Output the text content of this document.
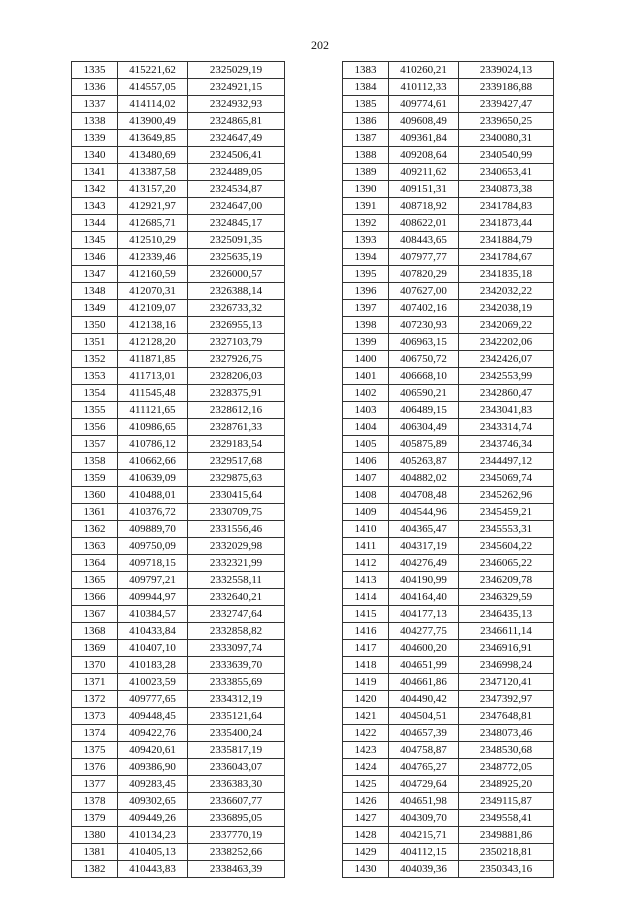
202
1335	415221,62	2325029,19
1336	414557,05	2324921,15
1337	414114,02	2324932,93
1338	413900,49	2324865,81
1339	413649,85	2324647,49
1340	413480,69	2324506,41
1341	413387,58	2324489,05
1342	413157,20	2324534,87
1343	412921,97	2324647,00
1344	412685,71	2324845,17
1345	412510,29	2325091,35
1346	412339,46	2325635,19
1347	412160,59	2326000,57
1348	412070,31	2326388,14
1349	412109,07	2326733,32
1350	412138,16	2326955,13
1351	412128,20	2327103,79
1352	411871,85	2327926,75
1353	411713,01	2328206,03
1354	411545,48	2328375,91
1355	411121,65	2328612,16
1356	410986,65	2328761,33
1357	410786,12	2329183,54
1358	410662,66	2329517,68
1359	410639,09	2329875,63
1360	410488,01	2330415,64
1361	410376,72	2330709,75
1362	409889,70	2331556,46
1363	409750,09	2332029,98
1364	409718,15	2332321,99
1365	409797,21	2332558,11
1366	409944,97	2332640,21
1367	410384,57	2332747,64
1368	410433,84	2332858,82
1369	410407,10	2333097,74
1370	410183,28	2333639,70
1371	410023,59	2333855,69
1372	409777,65	2334312,19
1373	409448,45	2335121,64
1374	409422,76	2335400,24
1375	409420,61	2335817,19
1376	409386,90	2336043,07
1377	409283,45	2336383,30
1378	409302,65	2336607,77
1379	409449,26	2336895,05
1380	410134,23	2337770,19
1381	410405,13	2338252,66
1382	410443,83	2338463,39
1383	410260,21	2339024,13
1384	410112,33	2339186,88
1385	409774,61	2339427,47
1386	409608,49	2339650,25
1387	409361,84	2340080,31
1388	409208,64	2340540,99
1389	409211,62	2340653,41
1390	409151,31	2340873,38
1391	408718,92	2341784,83
1392	408622,01	2341873,44
1393	408443,65	2341884,79
1394	407977,77	2341784,67
1395	407820,29	2341835,18
1396	407627,00	2342032,22
1397	407402,16	2342038,19
1398	407230,93	2342069,22
1399	406963,15	2342202,06
1400	406750,72	2342426,07
1401	406668,10	2342553,99
1402	406590,21	2342860,47
1403	406489,15	2343041,83
1404	406304,49	2343314,74
1405	405875,89	2343746,34
1406	405263,87	2344497,12
1407	404882,02	2345069,74
1408	404708,48	2345262,96
1409	404544,96	2345459,21
1410	404365,47	2345553,31
1411	404317,19	2345604,22
1412	404276,49	2346065,22
1413	404190,99	2346209,78
1414	404164,40	2346329,59
1415	404177,13	2346435,13
1416	404277,75	2346611,14
1417	404600,20	2346916,91
1418	404651,99	2346998,24
1419	404661,86	2347120,41
1420	404490,42	2347392,97
1421	404504,51	2347648,81
1422	404657,39	2348073,46
1423	404758,87	2348530,68
1424	404765,27	2348772,05
1425	404729,64	2348925,20
1426	404651,98	2349115,87
1427	404309,70	2349558,41
1428	404215,71	2349881,86
1429	404112,15	2350218,81
1430	404039,36	2350343,16
